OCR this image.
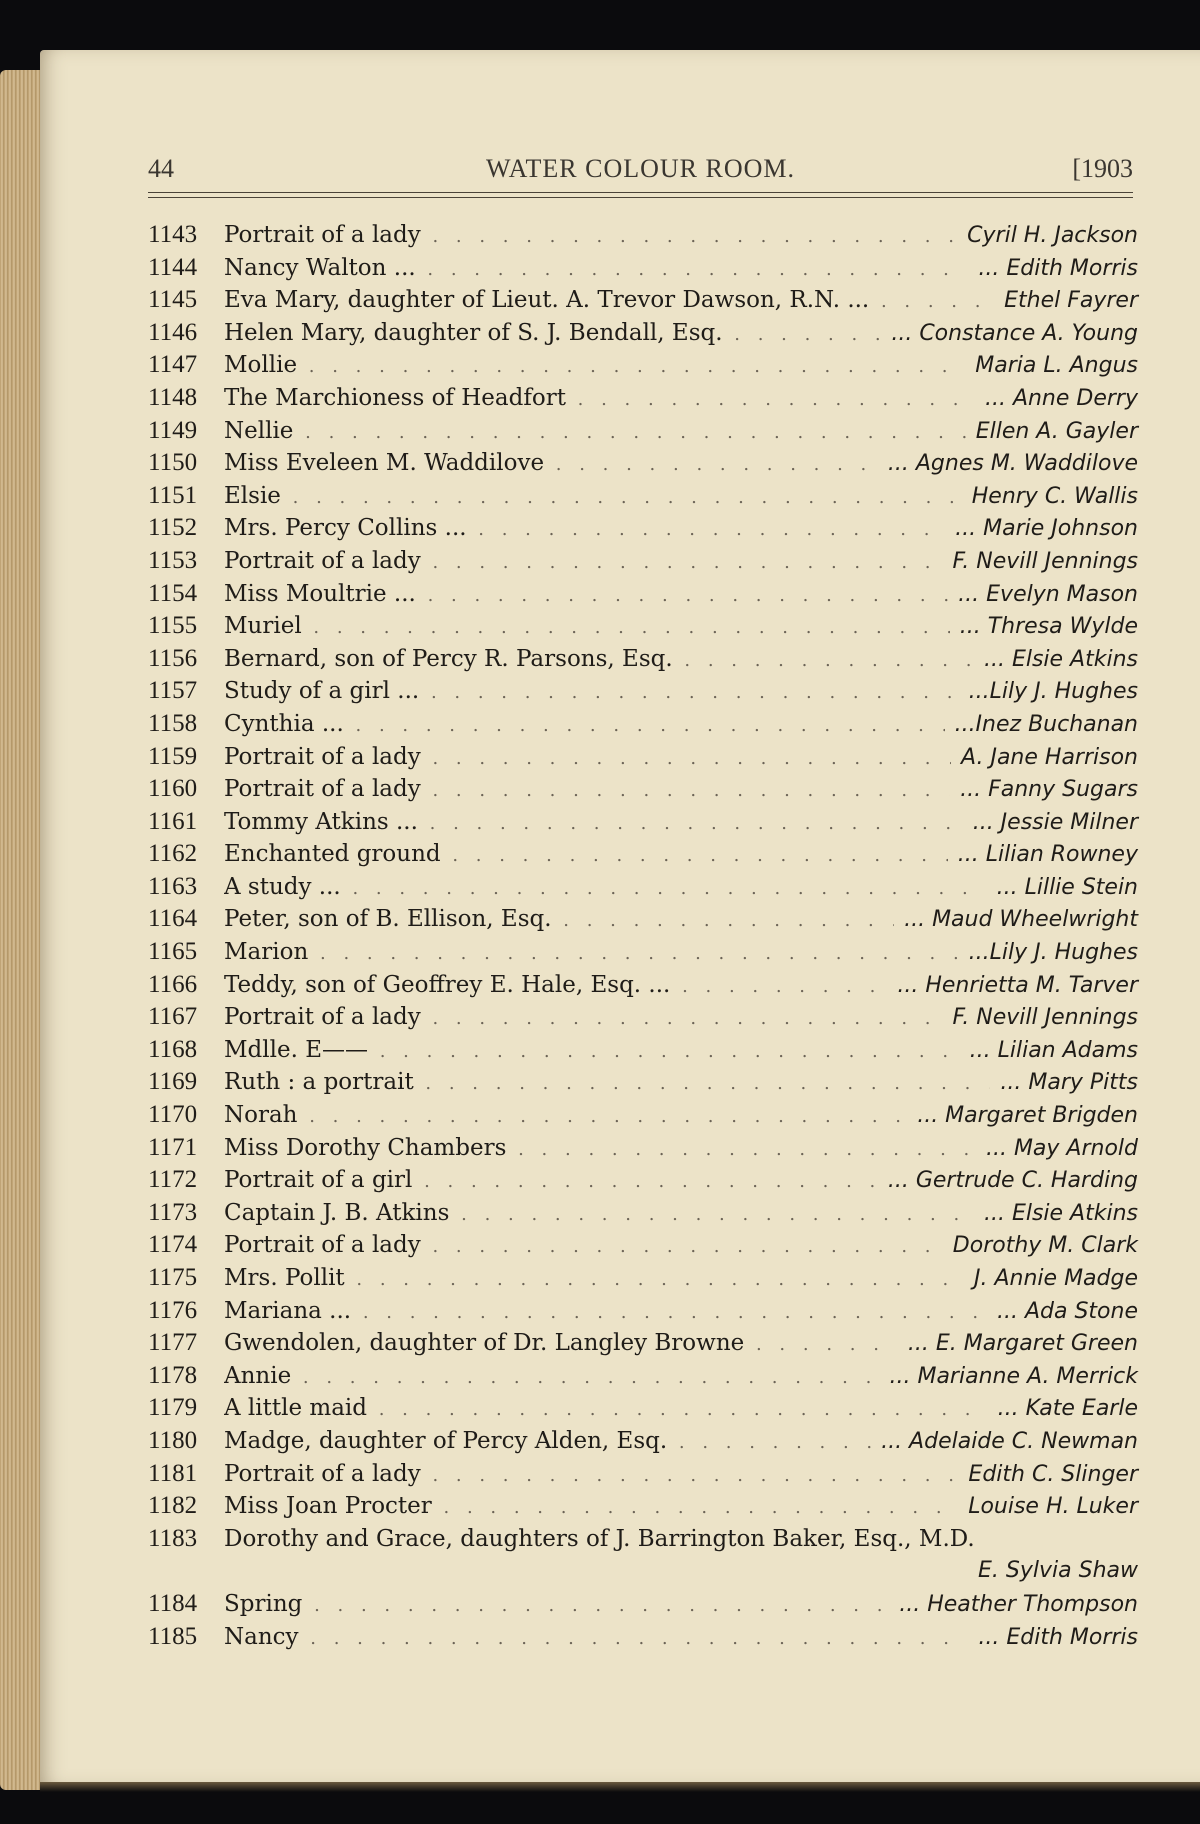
44	WATER COLOUR ROOM.	[1903
1143	Portrait of a lady . . .	Cyril H. Jackson
1144	Nancy Walton ... . . .	... Edith Morris
1145	Eva Mary, daughter of Lieut. A. Trevor Dawson, R.N. ... . . .	Ethel Fayrer
1146	Helen Mary, daughter of S. J. Bendall, Esq. . . .	... Constance A. Young
1147	Mollie . . .	Maria L. Angus
1148	The Marchioness of Headfort . . .	... Anne Derry
1149	Nellie . . .	Ellen A. Gayler
1150	Miss Eveleen M. Waddilove . . .	... Agnes M. Waddilove
1151	Elsie . . .	Henry C. Wallis
1152	Mrs. Percy Collins ... . . .	... Marie Johnson
1153	Portrait of a lady . . .	F. Nevill Jennings
1154	Miss Moultrie ... . . .	... Evelyn Mason
1155	Muriel . . .	... Thresa Wylde
1156	Bernard, son of Percy R. Parsons, Esq. . . .	... Elsie Atkins
1157	Study of a girl ... . . .	...Lily J. Hughes
1158	Cynthia ... . . .	...Inez Buchanan
1159	Portrait of a lady . . .	A. Jane Harrison
1160	Portrait of a lady . . .	... Fanny Sugars
1161	Tommy Atkins ... . . .	... Jessie Milner
1162	Enchanted ground . . .	... Lilian Rowney
1163	A study ... . . .	... Lillie Stein
1164	Peter, son of B. Ellison, Esq. . . .	... Maud Wheelwright
1165	Marion . . .	...Lily J. Hughes
1166	Teddy, son of Geoffrey E. Hale, Esq. ... . . .	... Henrietta M. Tarver
1167	Portrait of a lady . . .	F. Nevill Jennings
1168	Mdlle. E—— . . .	... Lilian Adams
1169	Ruth : a portrait . . .	... Mary Pitts
1170	Norah . . .	... Margaret Brigden
1171	Miss Dorothy Chambers . . .	... May Arnold
1172	Portrait of a girl . . .	... Gertrude C. Harding
1173	Captain J. B. Atkins . . .	... Elsie Atkins
1174	Portrait of a lady . . .	Dorothy M. Clark
1175	Mrs. Pollit . . .	J. Annie Madge
1176	Mariana ... . . .	... Ada Stone
1177	Gwendolen, daughter of Dr. Langley Browne . . .	... E. Margaret Green
1178	Annie . . .	... Marianne A. Merrick
1179	A little maid . . .	... Kate Earle
1180	Madge, daughter of Percy Alden, Esq. . . .	... Adelaide C. Newman
1181	Portrait of a lady . . .	Edith C. Slinger
1182	Miss Joan Procter . . .	Louise H. Luker
1183	Dorothy and Grace, daughters of J. Barrington Baker, Esq., M.D.
E. Sylvia Shaw
1184	Spring . . .	... Heather Thompson
1185	Nancy . . .	... Edith Morris
